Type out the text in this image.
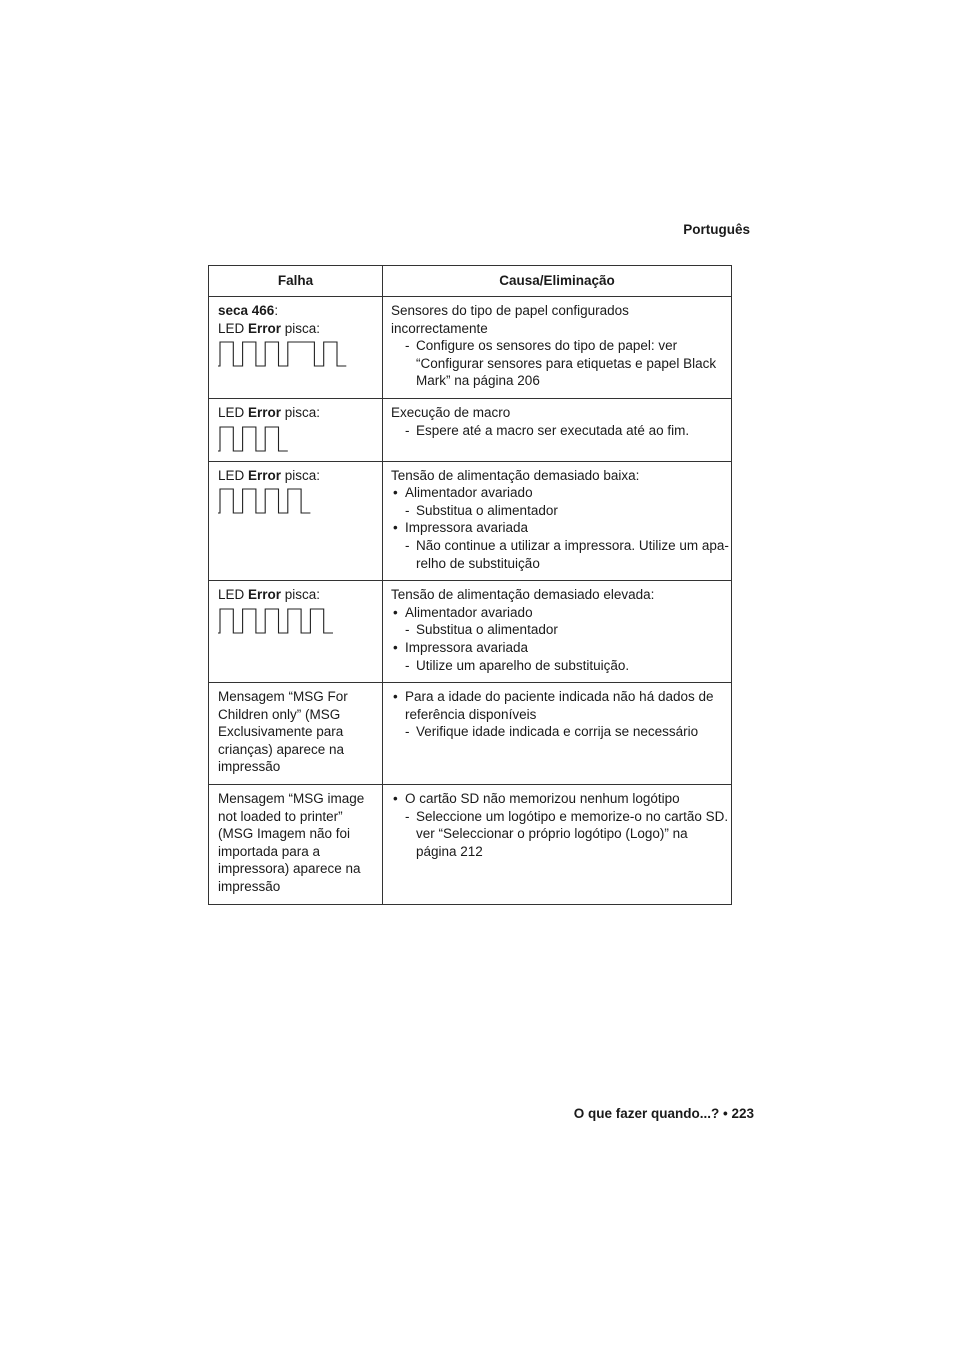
Português
Falha	Causa/Eliminação

seca 466:
LED Error pisca:	Sensores do tipo de papel configurados incorrectamente
- Configure os sensores do tipo de papel: ver “Configurar sensores para etiquetas e papel Black Mark” na página 206

LED Error pisca:	Execução de macro
- Espere até a macro ser executada até ao fim.

LED Error pisca:	Tensão de alimentação demasiado baixa:
• Alimentador avariado
- Substitua o alimentador
• Impressora avariada
- Não continue a utilizar a impressora. Utilize um apa-relho de substituição

LED Error pisca:	Tensão de alimentação demasiado elevada:
• Alimentador avariado
- Substitua o alimentador
• Impressora avariada
- Utilize um aparelho de substituição.

Mensagem “MSG For Children only” (MSG Exclusivamente para crianças) aparece na impressão	• Para a idade do paciente indicada não há dados de referência disponíveis
- Verifique idade indicada e corrija se necessário

Mensagem “MSG image not loaded to printer” (MSG Imagem não foi importada para a impressora) aparece na impressão	• O cartão SD não memorizou nenhum logótipo
- Seleccione um logótipo e memorize-o no cartão SD. ver “Seleccionar o próprio logótipo (Logo)” na página 212
O que fazer quando...? • 223
